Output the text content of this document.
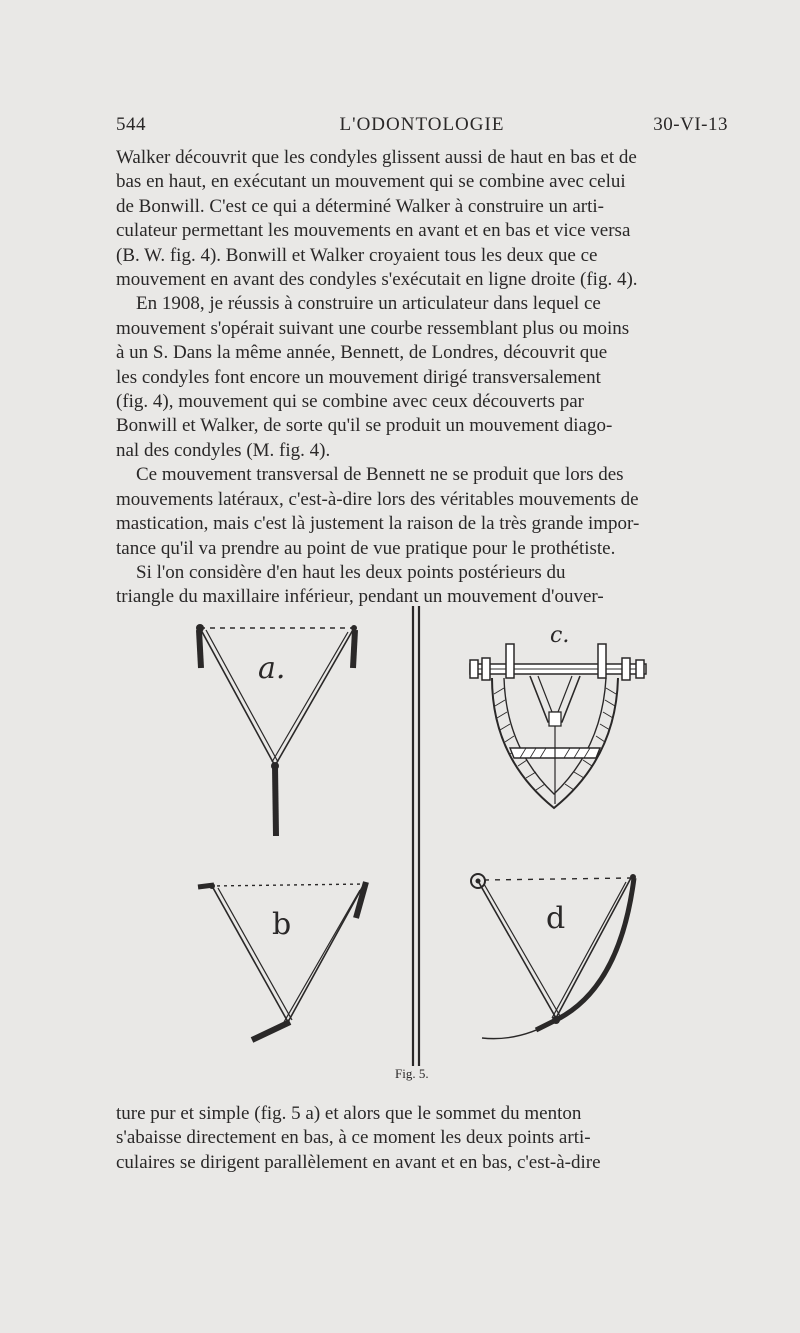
544	L'ODONTOLOGIE	30-VI-13

Walker découvrit que les condyles glissent aussi de haut en bas et de
bas en haut, en exécutant un mouvement qui se combine avec celui
de Bonwill. C'est ce qui a déterminé Walker à construire un arti-
culateur permettant les mouvements en avant et en bas et vice versa
(B. W. fig. 4). Bonwill et Walker croyaient tous les deux que ce
mouvement en avant des condyles s'exécutait en ligne droite (fig. 4).

En 1908, je réussis à construire un articulateur dans lequel ce
mouvement s'opérait suivant une courbe ressemblant plus ou moins
à un S. Dans la même année, Bennett, de Londres, découvrit que
les condyles font encore un mouvement dirigé transversalement
(fig. 4), mouvement qui se combine avec ceux découverts par
Bonwill et Walker, de sorte qu'il se produit un mouvement diago-
nal des condyles (M. fig. 4).

Ce mouvement transversal de Bennett ne se produit que lors des
mouvements latéraux, c'est-à-dire lors des véritables mouvements de
mastication, mais c'est là justement la raison de la très grande impor-
tance qu'il va prendre au point de vue pratique pour le prothétiste.

Si l'on considère d'en haut les deux points postérieurs du
triangle du maxillaire inférieur, pendant un mouvement d'ouver-

a.
b
c.
d
Fig. 5.

ture pur et simple (fig. 5 a) et alors que le sommet du menton
s'abaisse directement en bas, à ce moment les deux points arti-
culaires se dirigent parallèlement en avant et en bas, c'est-à-dire
